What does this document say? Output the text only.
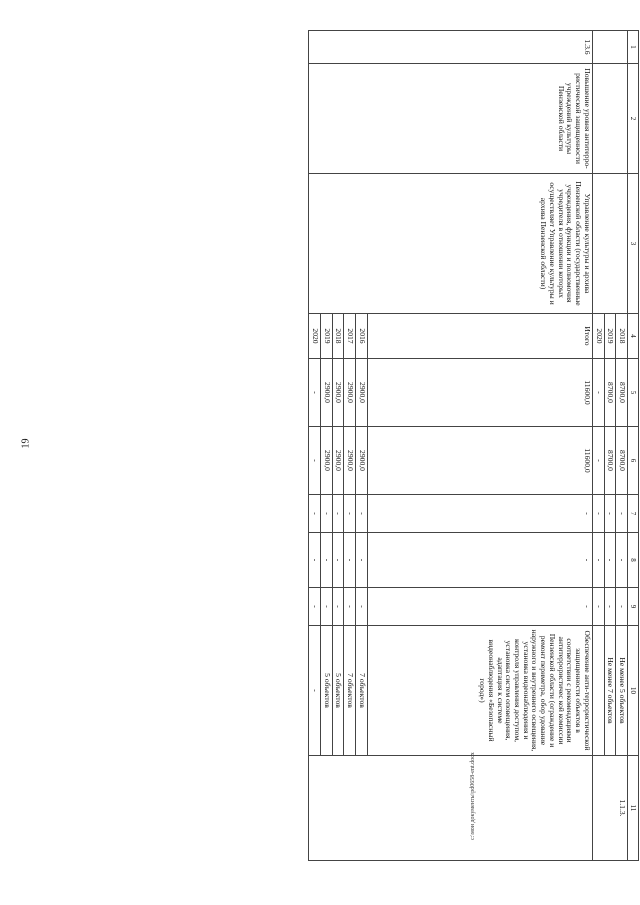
19
1	2	3	4	5	6	7	8	9	10	11
			2018	8700,0	8700,0	-	-	-	Не менее 5 объектов	1.1.3.
			2019	8700,0	8700,0	-	-	-	Не менее 7 объектов	
			2020	-	-	-	-	-		
1.3.6	Повышение уровня антитерро-ристической защищенности учреждений культуры Пензенской области	Управление культуры и архива Пензенской области (государственные учреждения, функции и полномочия учредителя в отношении которых осуществляет Управление культуры и архива Пензенской области)	Итого	11600,0	11600,0	-	-	-	Обеспечение анти-террористической защищенности объектов в соответствии с рекомендациями антитеррористичес кой комиссии Пензенской области (ограждение и ремонт периметра, обор удование наружного и внутреннего освещения, установка видеонаблюдения и контроля управления доступом, установка систем оповещения, адаптация к системе видеонаблюдения «Безопасный город»)	
			2016	2900,0	2900,0	-	-	-	7 объектов	
			2017	2900,0	2900,0	-	-	-	7 объектов	
			2018	2900,0	2900,0	-	-	-	5 объектов	
			2019	2900,0	2900,0	-	-	-	5 объектов	
			2020	-	-	-	-	-	-	
c:\мои документы\pd0658-ent.docx
